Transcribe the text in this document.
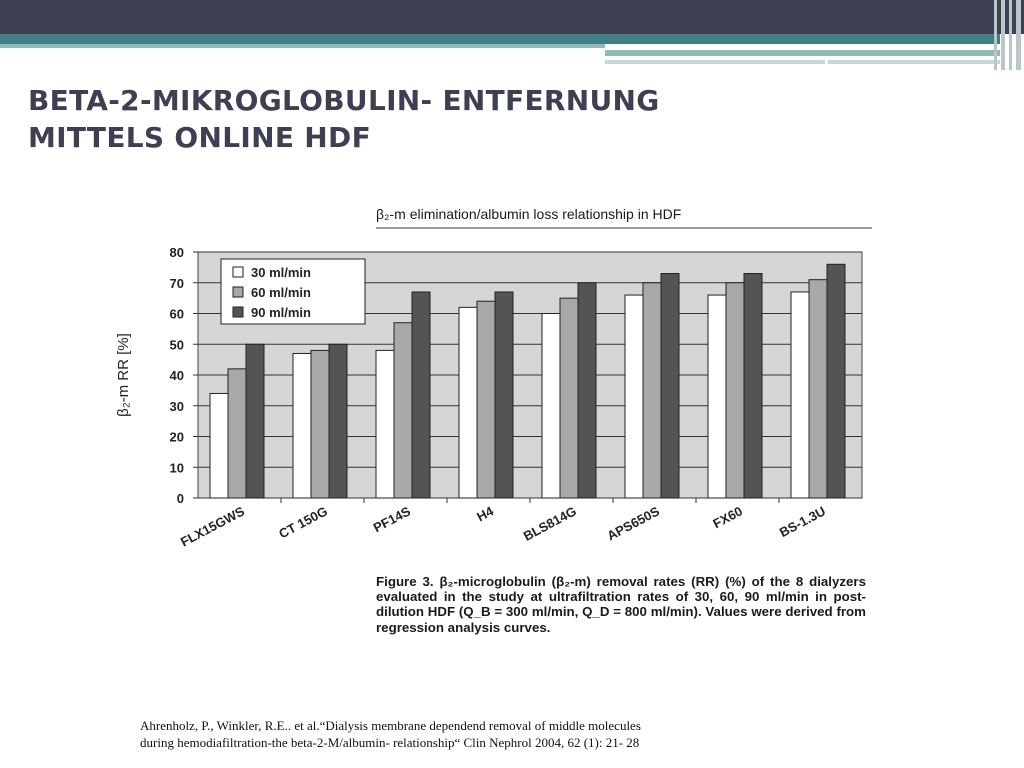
BETA-2-MIKROGLOBULIN- ENTFERNUNG
MITTELS ONLINE HDF
β₂-m elimination/albumin loss relationship in HDF
0
10
20
30
40
50
60
70
80
β₂-m RR [%]
FLX15GWS CT 150G	PF14S	H4 BLS814G APS650S	FX60 BS-1.3U
30 ml/min
60 ml/min
90 ml/min
Figure 3. β₂-microglobulin (β₂-m) removal rates (RR) (%) of the 8 dialyzers evaluated in the study at ultrafiltration rates of 30, 60, 90 ml/min in post-dilution HDF (Q_B = 300 ml/min, Q_D = 800 ml/min). Values were derived from regression analysis curves.
Ahrenholz, P., Winkler, R.E.. et al.“Dialysis membrane dependend removal of middle molecules
during hemodiafiltration-the beta-2-M/albumin- relationship“ Clin Nephrol 2004, 62 (1): 21- 28
